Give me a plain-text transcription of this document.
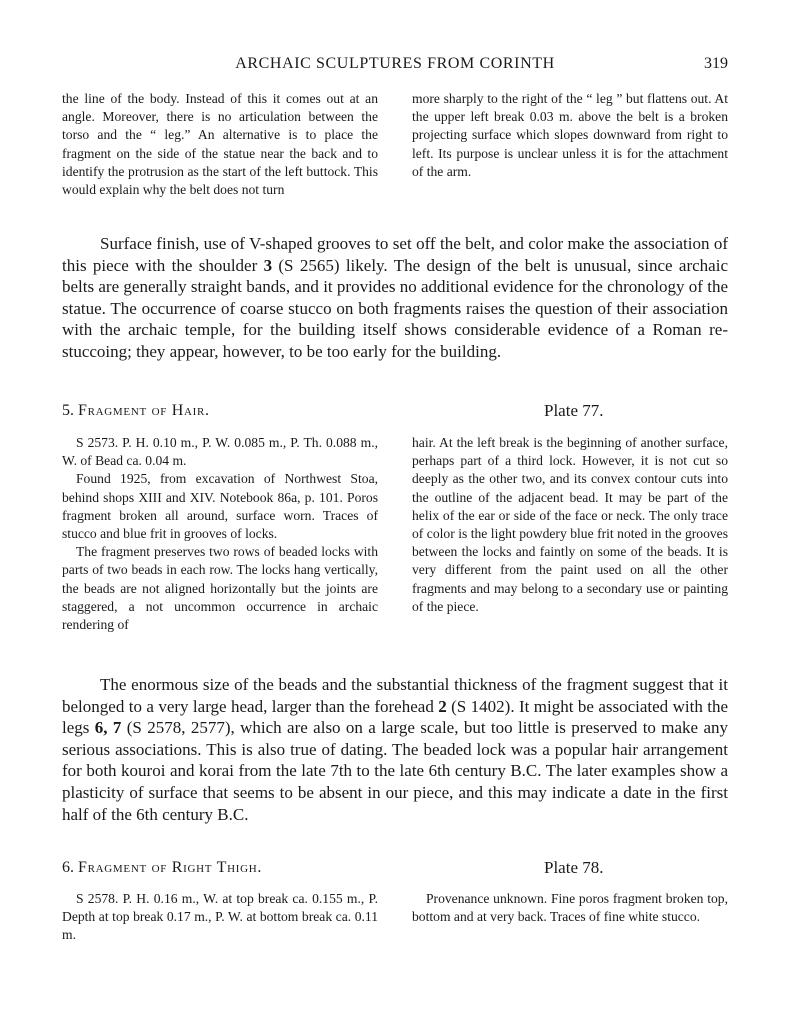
ARCHAIC SCULPTURES FROM CORINTH	319

the line of the body. Instead of this it comes out at an angle. Moreover, there is no articulation between the torso and the “ leg.” An alternative is to place the fragment on the side of the statue near the back and to identify the protrusion as the start of the left buttock. This would explain why the belt does not turn

more sharply to the right of the “ leg ” but flattens out. At the upper left break 0.03 m. above the belt is a broken projecting surface which slopes downward from right to left. Its purpose is unclear unless it is for the attachment of the arm.

Surface finish, use of V-shaped grooves to set off the belt, and color make the association of this piece with the shoulder 3 (S 2565) likely. The design of the belt is unusual, since archaic belts are generally straight bands, and it provides no additional evidence for the chronology of the statue. The occurrence of coarse stucco on both fragments raises the question of their association with the archaic temple, for the building itself shows considerable evidence of a Roman re-stuccoing; they appear, however, to be too early for the building.

5. Fragment of Hair.	Plate 77.

S 2573. P. H. 0.10 m., P. W. 0.085 m., P. Th. 0.088 m., W. of Bead ca. 0.04 m.

Found 1925, from excavation of Northwest Stoa, behind shops XIII and XIV. Notebook 86a, p. 101. Poros fragment broken all around, surface worn. Traces of stucco and blue frit in grooves of locks.

The fragment preserves two rows of beaded locks with parts of two beads in each row. The locks hang vertically, the beads are not aligned horizontally but the joints are staggered, a not uncommon occurrence in archaic rendering of

hair. At the left break is the beginning of another surface, perhaps part of a third lock. However, it is not cut so deeply as the other two, and its convex contour cuts into the outline of the adjacent bead. It may be part of the helix of the ear or side of the face or neck. The only trace of color is the light powdery blue frit noted in the grooves between the locks and faintly on some of the beads. It is very different from the paint used on all the other fragments and may belong to a secondary use or painting of the piece.

The enormous size of the beads and the substantial thickness of the fragment suggest that it belonged to a very large head, larger than the forehead 2 (S 1402). It might be associated with the legs 6, 7 (S 2578, 2577), which are also on a large scale, but too little is preserved to make any serious associations. This is also true of dating. The beaded lock was a popular hair arrangement for both kouroi and korai from the late 7th to the late 6th century B.C. The later examples show a plasticity of surface that seems to be absent in our piece, and this may indicate a date in the first half of the 6th century B.C.

6. Fragment of Right Thigh.	Plate 78.

S 2578. P. H. 0.16 m., W. at top break ca. 0.155 m., P. Depth at top break 0.17 m., P. W. at bottom break ca. 0.11 m.

Provenance unknown. Fine poros fragment broken top, bottom and at very back. Traces of fine white stucco.
